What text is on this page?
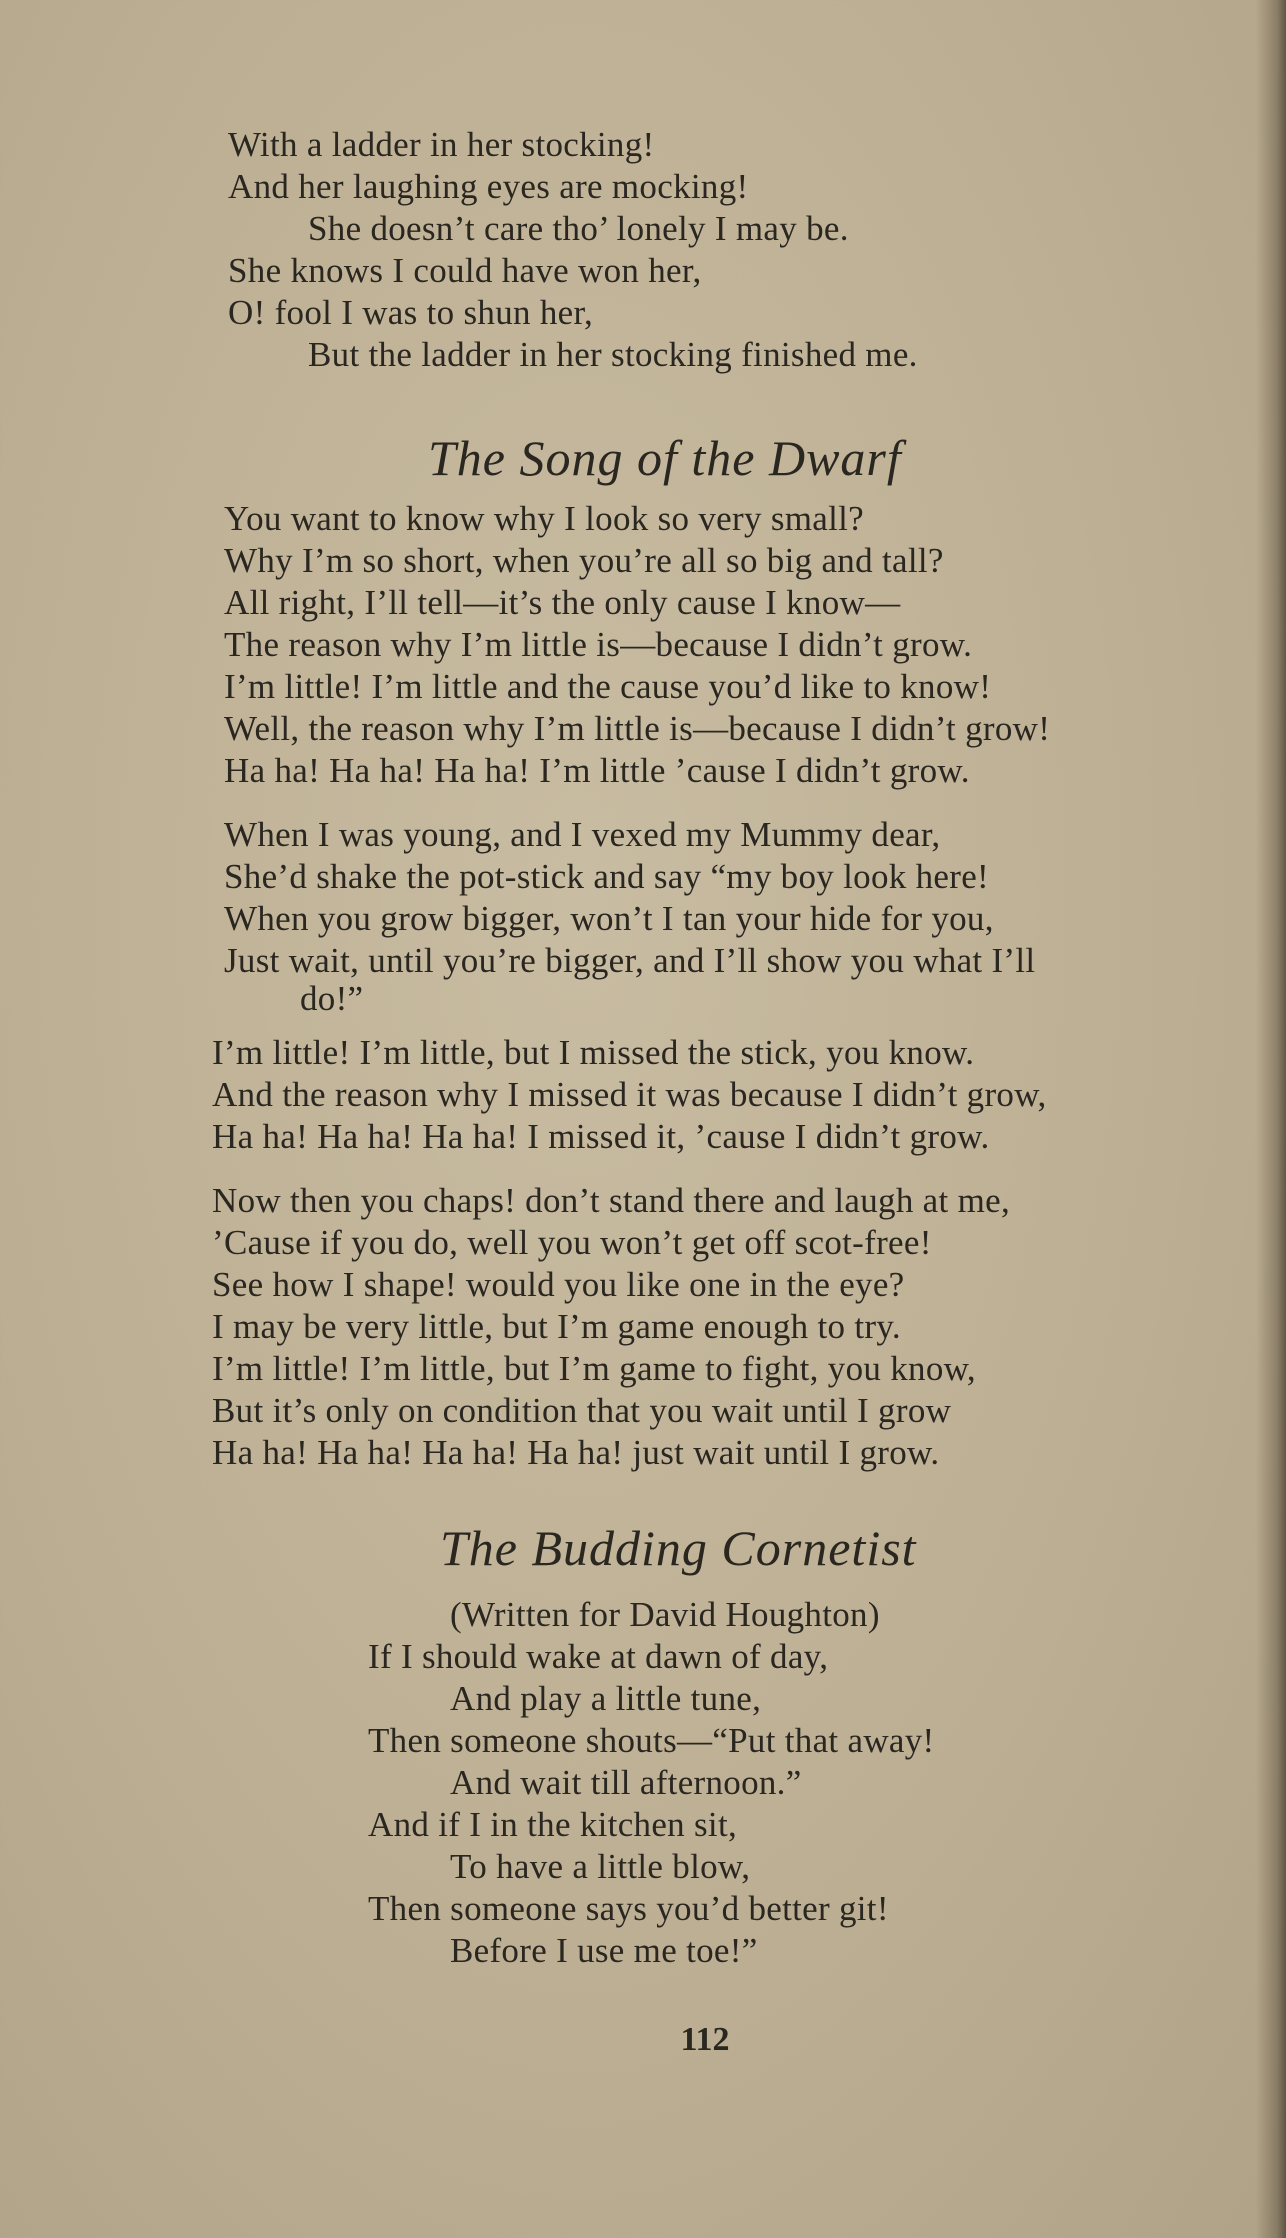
With a ladder in her stocking!
And her laughing eyes are mocking!
She doesn’t care tho’ lonely I may be.
She knows I could have won her,
O! fool I was to shun her,
But the ladder in her stocking finished me.
The Song of the Dwarf
You want to know why I look so very small?
Why I’m so short, when you’re all so big and tall?
All right, I’ll tell—it’s the only cause I know—
The reason why I’m little is—because I didn’t grow.
I’m little! I’m little and the cause you’d like to know!
Well, the reason why I’m little is—because I didn’t grow!
Ha ha! Ha ha! Ha ha! I’m little ’cause I didn’t grow.
When I was young, and I vexed my Mummy dear,
She’d shake the pot-stick and say “my boy look here!
When you grow bigger, won’t I tan your hide for you,
Just wait, until you’re bigger, and I’ll show you what I’ll
do!”
I’m little! I’m little, but I missed the stick, you know.
And the reason why I missed it was because I didn’t grow,
Ha ha! Ha ha! Ha ha! I missed it, ’cause I didn’t grow.
Now then you chaps! don’t stand there and laugh at me,
’Cause if you do, well you won’t get off scot-free!
See how I shape! would you like one in the eye?
I may be very little, but I’m game enough to try.
I’m little! I’m little, but I’m game to fight, you know,
But it’s only on condition that you wait until I grow
Ha ha! Ha ha! Ha ha! Ha ha! just wait until I grow.
The Budding Cornetist
(Written for David Houghton)
If I should wake at dawn of day,
And play a little tune,
Then someone shouts—“Put that away!
And wait till afternoon.”
And if I in the kitchen sit,
To have a little blow,
Then someone says you’d better git!
Before I use me toe!”
112
